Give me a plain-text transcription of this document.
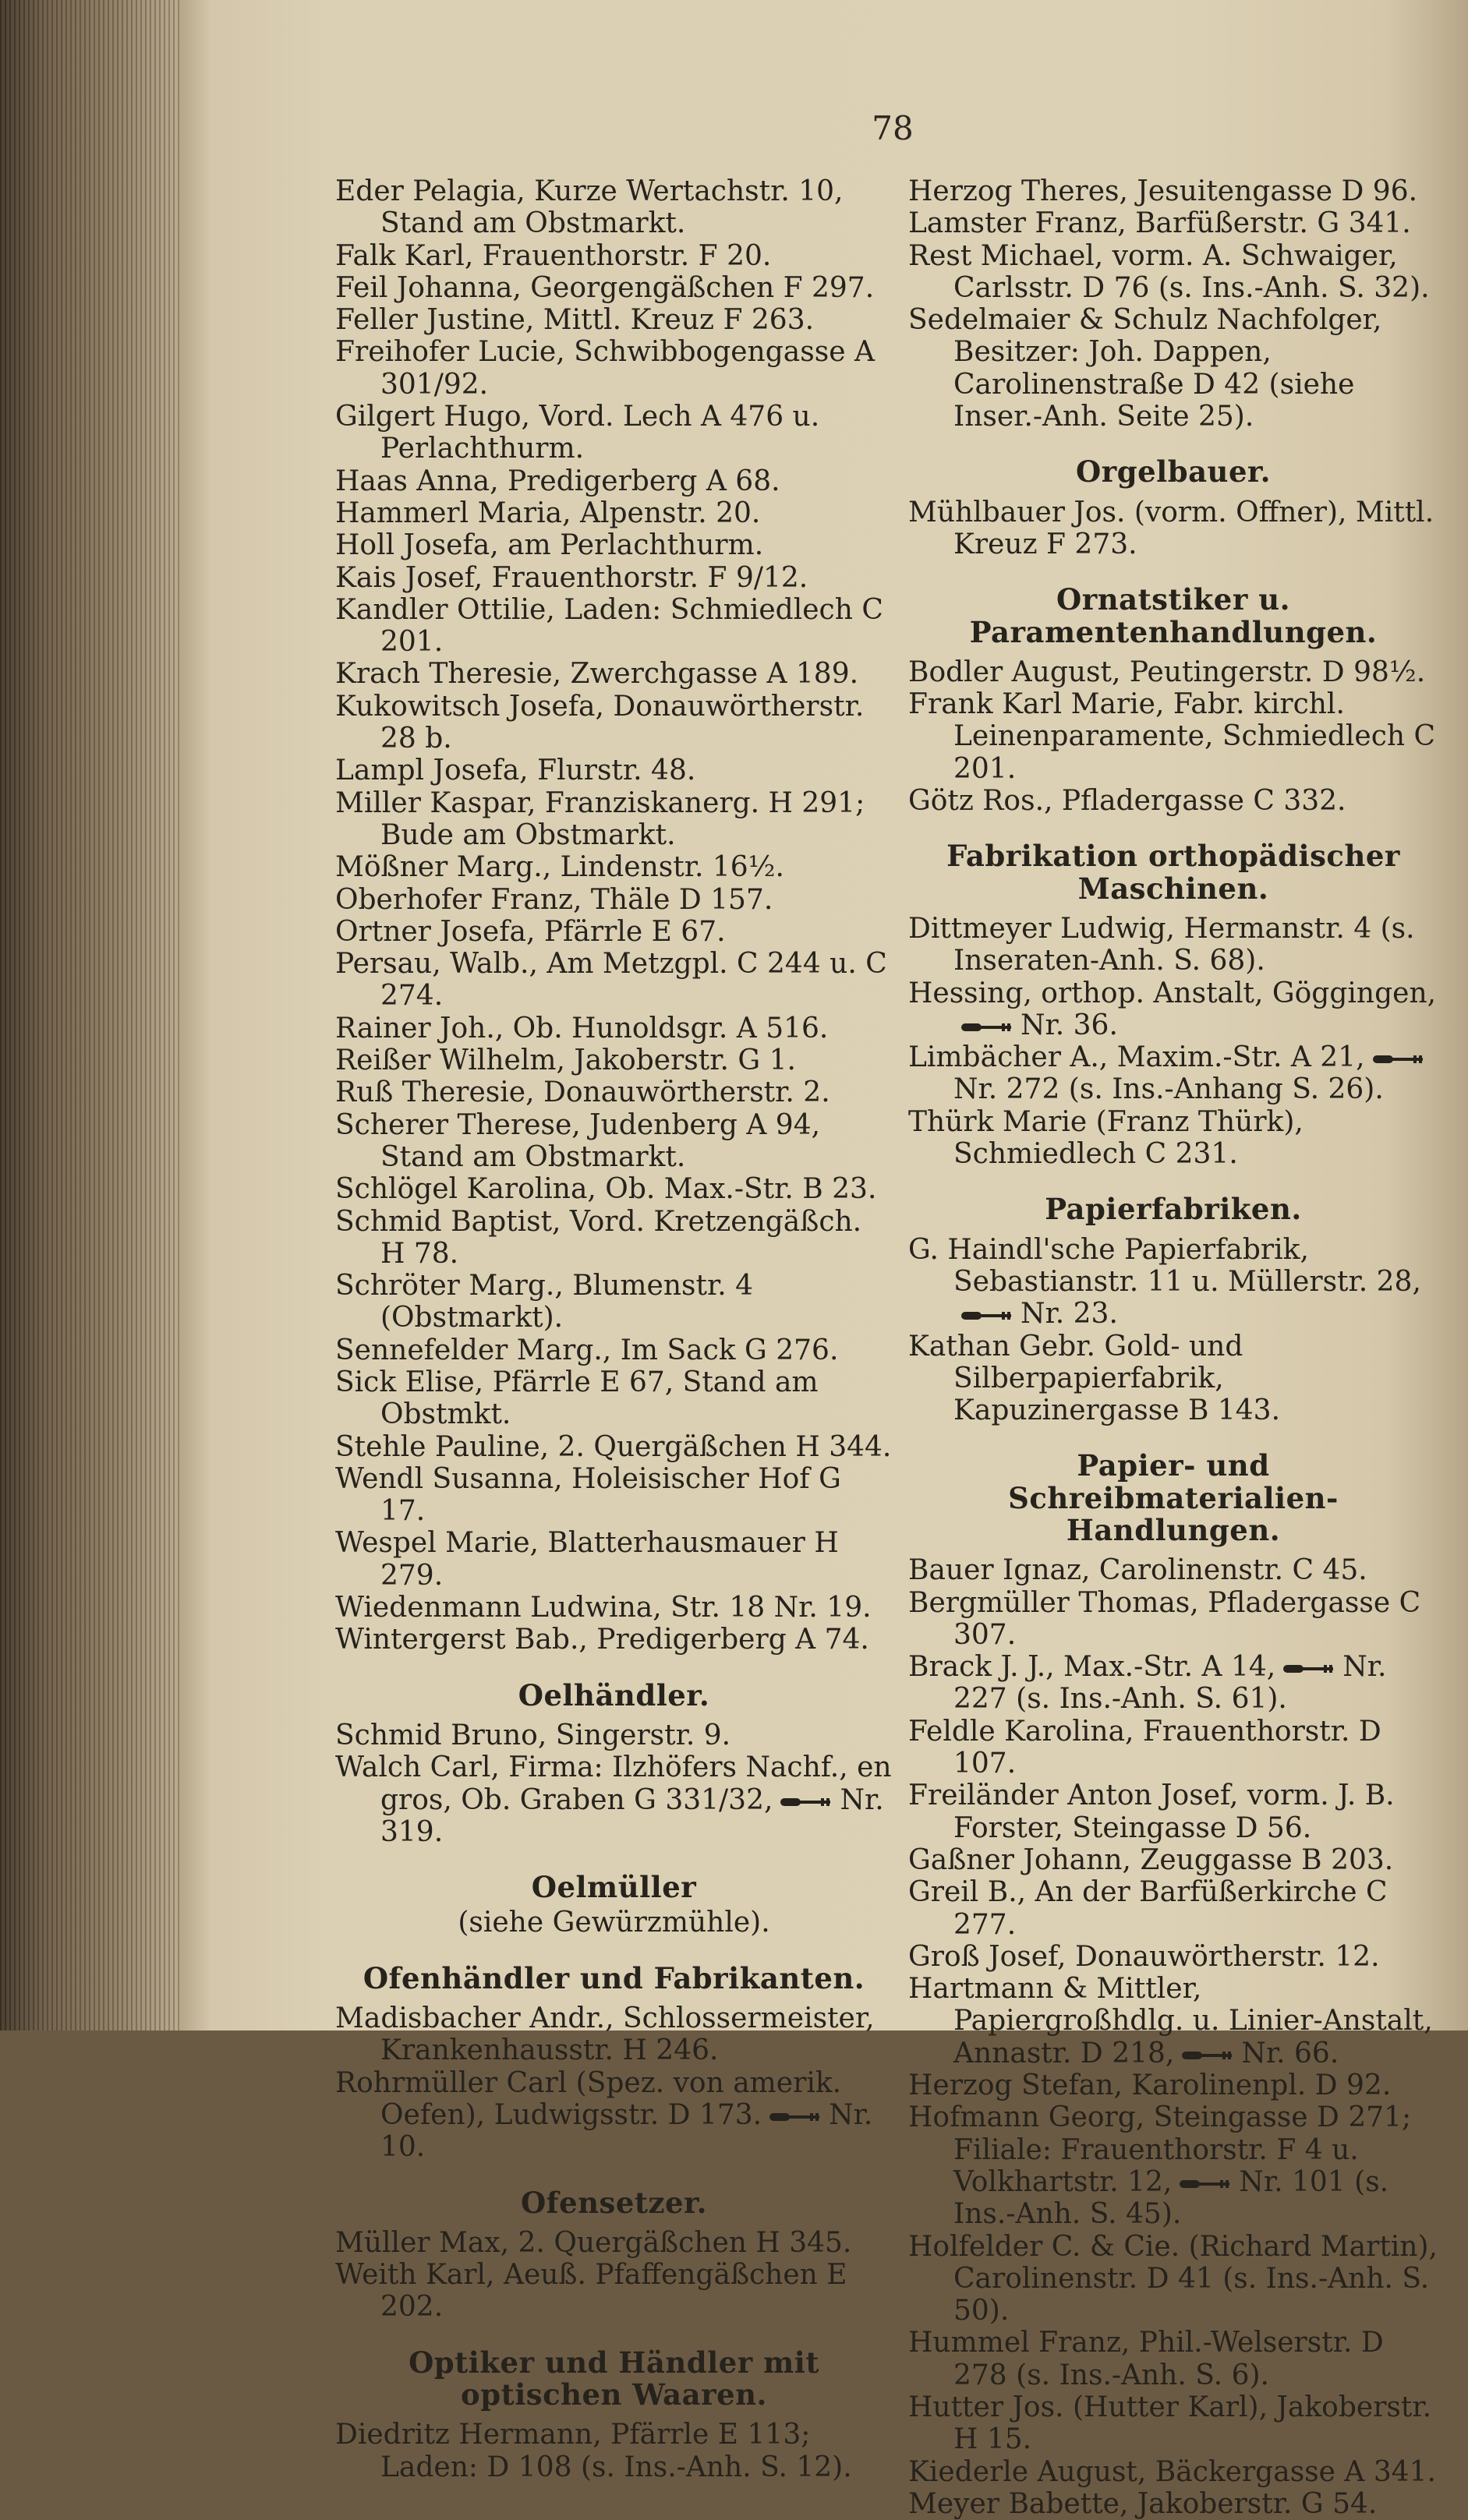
78
Eder Pelagia, Kurze Wertachstr. 10, Stand am Obstmarkt.
Falk Karl, Frauenthorstr. F 20.
Feil Johanna, Georgengäßchen F 297.
Feller Justine, Mittl. Kreuz F 263.
Freihofer Lucie, Schwibbogengasse A 301/92.
Gilgert Hugo, Vord. Lech A 476 u. Perlachthurm.
Haas Anna, Predigerberg A 68.
Hammerl Maria, Alpenstr. 20.
Holl Josefa, am Perlachthurm.
Kais Josef, Frauenthorstr. F 9/12.
Kandler Ottilie, Laden: Schmiedlech C 201.
Krach Theresie, Zwerchgasse A 189.
Kukowitsch Josefa, Donauwörtherstr. 28 b.
Lampl Josefa, Flurstr. 48.
Miller Kaspar, Franziskanerg. H 291; Bude am Obstmarkt.
Mößner Marg., Lindenstr. 16½.
Oberhofer Franz, Thäle D 157.
Ortner Josefa, Pfärrle E 67.
Persau, Walb., Am Metzgpl. C 244 u. C 274.
Rainer Joh., Ob. Hunoldsgr. A 516.
Reißer Wilhelm, Jakoberstr. G 1.
Ruß Theresie, Donauwörtherstr. 2.
Scherer Therese, Judenberg A 94, Stand am Obstmarkt.
Schlögel Karolina, Ob. Max.-Str. B 23.
Schmid Baptist, Vord. Kretzengäßch. H 78.
Schröter Marg., Blumenstr. 4 (Obstmarkt).
Sennefelder Marg., Im Sack G 276.
Sick Elise, Pfärrle E 67, Stand am Obstmkt.
Stehle Pauline, 2. Quergäßchen H 344.
Wendl Susanna, Holeisischer Hof G 17.
Wespel Marie, Blatterhausmauer H 279.
Wiedenmann Ludwina, Str. 18 Nr. 19.
Wintergerst Bab., Predigerberg A 74.
Oelhändler.
Schmid Bruno, Singerstr. 9.
Walch Carl, Firma: Ilzhöfers Nachf., en gros, Ob. Graben G 331/32, Nr. 319.
Oelmüller
(siehe Gewürzmühle).
Ofenhändler und Fabrikanten.
Madisbacher Andr., Schlossermeister, Krankenhausstr. H 246.
Rohrmüller Carl (Spez. von amerik. Oefen), Ludwigsstr. D 173. Nr. 10.
Ofensetzer.
Müller Max, 2. Quergäßchen H 345.
Weith Karl, Aeuß. Pfaffengäßchen E 202.
Optiker und Händler mit optischen Waaren.
Diedritz Hermann, Pfärrle E 113; Laden: D 108 (s. Ins.-Anh. S. 12).
Herzog Theres, Jesuitengasse D 96.
Lamster Franz, Barfüßerstr. G 341.
Rest Michael, vorm. A. Schwaiger, Carlsstr. D 76 (s. Ins.-Anh. S. 32).
Sedelmaier & Schulz Nachfolger, Besitzer: Joh. Dappen, Carolinenstraße D 42 (siehe Inser.-Anh. Seite 25).
Orgelbauer.
Mühlbauer Jos. (vorm. Offner), Mittl. Kreuz F 273.
Ornatstiker u. Paramentenhandlungen.
Bodler August, Peutingerstr. D 98½.
Frank Karl Marie, Fabr. kirchl. Leinenparamente, Schmiedlech C 201.
Götz Ros., Pfladergasse C 332.
Fabrikation orthopädischer Maschinen.
Dittmeyer Ludwig, Hermanstr. 4 (s. Inseraten-Anh. S. 68).
Hessing, orthop. Anstalt, Göggingen,
Nr. 36.
Limbächer A., Maxim.-Str. A 21,
Nr. 272 (s. Ins.-Anhang S. 26).
Thürk Marie (Franz Thürk), Schmiedlech C 231.
Papierfabriken.
G. Haindl'sche Papierfabrik, Sebastianstr. 11 u. Müllerstr. 28,
Nr. 23.
Kathan Gebr. Gold- und Silberpapierfabrik, Kapuzinergasse B 143.
Papier- und Schreibmaterialien-Handlungen.
Bauer Ignaz, Carolinenstr. C 45.
Bergmüller Thomas, Pfladergasse C 307.
Brack J. J., Max.-Str. A 14, Nr. 227 (s. Ins.-Anh. S. 61).
Feldle Karolina, Frauenthorstr. D 107.
Freiländer Anton Josef, vorm. J. B. Forster, Steingasse D 56.
Gaßner Johann, Zeuggasse B 203.
Greil B., An der Barfüßerkirche C 277.
Groß Josef, Donauwörtherstr. 12.
Hartmann & Mittler, Papiergroßhdlg. u. Linier-Anstalt, Annastr. D 218, Nr. 66.
Herzog Stefan, Karolinenpl. D 92.
Hofmann Georg, Steingasse D 271; Filiale: Frauenthorstr. F 4 u. Volkhartstr. 12, Nr. 101 (s. Ins.-Anh. S. 45).
Holfelder C. & Cie. (Richard Martin), Carolinenstr. D 41 (s. Ins.-Anh. S. 50).
Hummel Franz, Phil.-Welserstr. D 278 (s. Ins.-Anh. S. 6).
Hutter Jos. (Hutter Karl), Jakoberstr. H 15.
Kiederle August, Bäckergasse A 341.
Meyer Babette, Jakoberstr. G 54.
